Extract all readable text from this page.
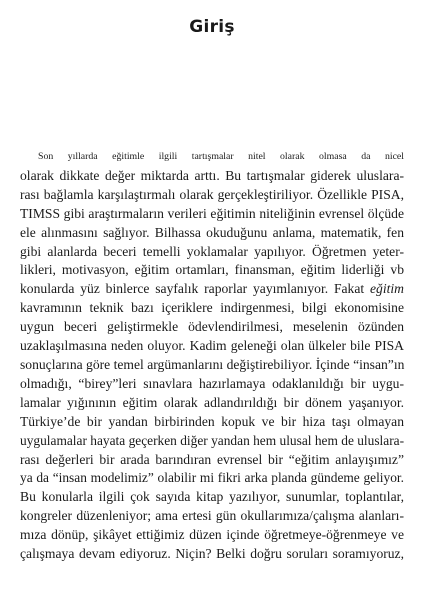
Giriş
Son yıllarda eğitimle ilgili tartışmalar nitel olarak olmasa da nicel
olarak dikkate değer miktarda arttı. Bu tartışmalar giderek uluslara-
rası bağlamla karşılaştırmalı olarak gerçekleştiriliyor. Özellikle PISA,
TIMSS gibi araştırmaların verileri eğitimin niteliğinin evrensel ölçüde
ele alınmasını sağlıyor. Bilhassa okuduğunu anlama, matematik, fen
gibi alanlarda beceri temelli yoklamalar yapılıyor. Öğretmen yeter-
likleri, motivasyon, eğitim ortamları, finansman, eğitim liderliği vb
konularda yüz binlerce sayfalık raporlar yayımlanıyor. Fakat eğitim
kavramının teknik bazı içeriklere indirgenmesi, bilgi ekonomisine
uygun beceri geliştirmekle ödevlendirilmesi, meselenin özünden
uzaklaşılmasına neden oluyor. Kadim geleneği olan ülkeler bile PISA
sonuçlarına göre temel argümanlarını değiştirebiliyor. İçinde “insan”ın
olmadığı, “birey”leri sınavlara hazırlamaya odaklanıldığı bir uygu-
lamalar yığınının eğitim olarak adlandırıldığı bir dönem yaşanıyor.
Türkiye’de bir yandan birbirinden kopuk ve bir hiza taşı olmayan
uygulamalar hayata geçerken diğer yandan hem ulusal hem de uluslara-
rası değerleri bir arada barındıran evrensel bir “eğitim anlayışımız”
ya da “insan modelimiz” olabilir mi fikri arka planda gündeme geliyor.
Bu konularla ilgili çok sayıda kitap yazılıyor, sunumlar, toplantılar,
kongreler düzenleniyor; ama ertesi gün okullarımıza/çalışma alanları-
mıza dönüp, şikâyet ettiğimiz düzen içinde öğretmeye-öğrenmeye ve
çalışmaya devam ediyoruz. Niçin? Belki doğru soruları soramıyoruz,
